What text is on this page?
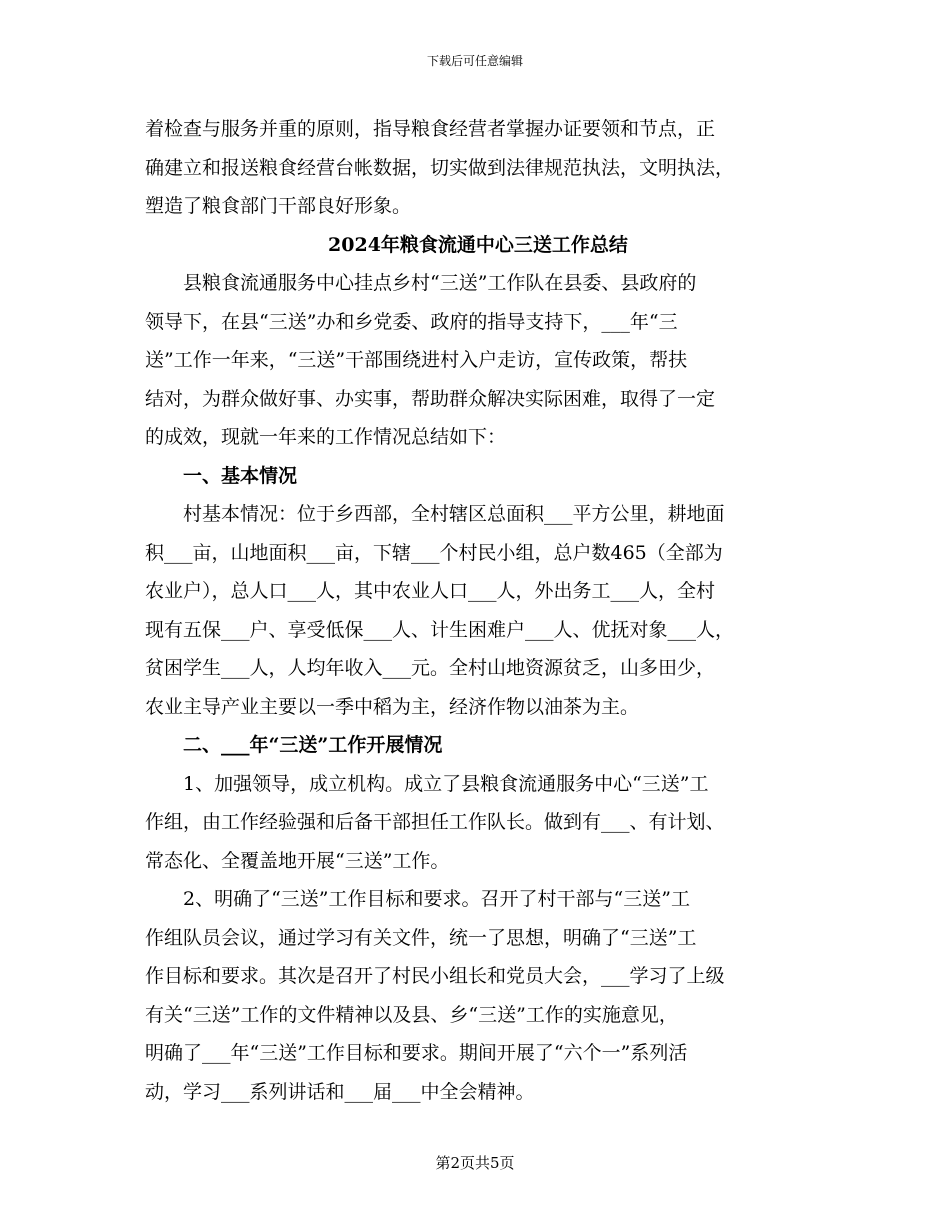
下载后可任意编辑
着检查与服务并重的原则，指导粮食经营者掌握办证要领和节点，正
确建立和报送粮食经营台帐数据，切实做到法律规范执法，文明执法，
塑造了粮食部门干部良好形象。
2024年粮食流通中心三送工作总结
　　县粮食流通服务中心挂点乡村“三送”工作队在县委、县政府的
领导下，在县“三送”办和乡党委、政府的指导支持下，___年“三
送”工作一年来，“三送”干部围绕进村入户走访，宣传政策，帮扶
结对，为群众做好事、办实事，帮助群众解决实际困难，取得了一定
的成效，现就一年来的工作情况总结如下：
　　一、基本情况
　　村基本情况：位于乡西部，全村辖区总面积___平方公里，耕地面
积___亩，山地面积___亩，下辖___个村民小组，总户数465（全部为
农业户），总人口___人，其中农业人口___人，外出务工___人，全村
现有五保___户、享受低保___人、计生困难户___人、优抚对象___人，
贫困学生___人，人均年收入___元。全村山地资源贫乏，山多田少，
农业主导产业主要以一季中稻为主，经济作物以油茶为主。
　　二、___年“三送”工作开展情况
　　1、加强领导，成立机构。成立了县粮食流通服务中心“三送”工
作组，由工作经验强和后备干部担任工作队长。做到有___、有计划、
常态化、全覆盖地开展“三送”工作。
　　2、明确了“三送”工作目标和要求。召开了村干部与“三送”工
作组队员会议，通过学习有关文件，统一了思想，明确了“三送”工
作目标和要求。其次是召开了村民小组长和党员大会，___学习了上级
有关“三送”工作的文件精神以及县、乡“三送”工作的实施意见，
明确了___年“三送”工作目标和要求。期间开展了“六个一”系列活
动，学习___系列讲话和___届___中全会精神。
第2页共5页
